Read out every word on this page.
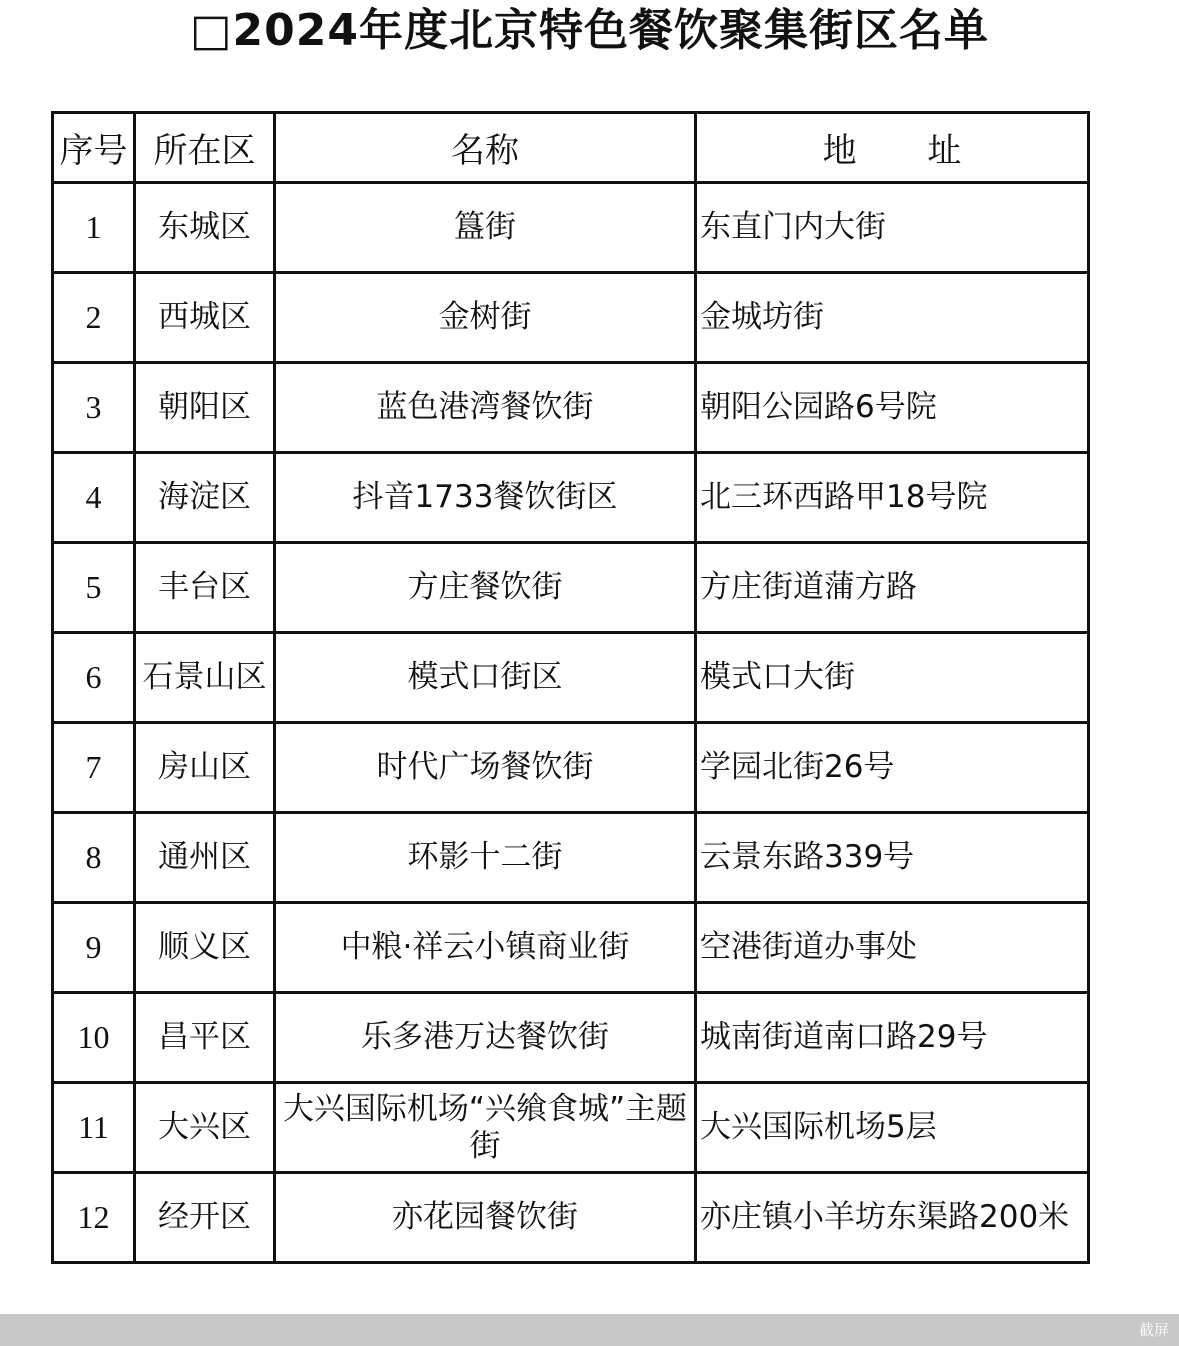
□2024年度北京特色餐饮聚集街区名单
序号	所在区	名称	地 址
1	东城区	簋街	东直门内大街
2	西城区	金树街	金城坊街
3	朝阳区	蓝色港湾餐饮街	朝阳公园路6号院
4	海淀区	抖音1733餐饮街区	北三环西路甲18号院
5	丰台区	方庄餐饮街	方庄街道蒲方路
6	石景山区	模式口街区	模式口大街
7	房山区	时代广场餐饮街	学园北街26号
8	通州区	环影十二街	云景东路339号
9	顺义区	中粮·祥云小镇商业街	空港街道办事处
10	昌平区	乐多港万达餐饮街	城南街道南口路29号
11	大兴区	大兴国际机场“兴飨食城”主题街	大兴国际机场5层
12	经开区	亦花园餐饮街	亦庄镇小羊坊东渠路200米
截屏
